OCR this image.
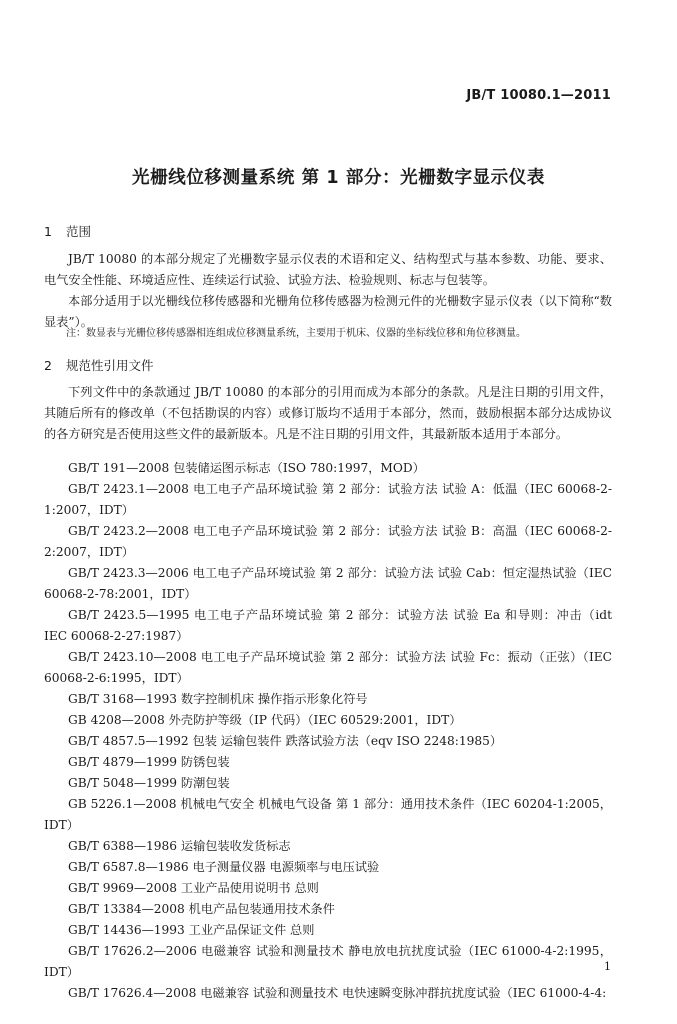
JB/T 10080.1—2011
光栅线位移测量系统 第 1 部分：光栅数字显示仪表
1 范围
JB/T 10080 的本部分规定了光栅数字显示仪表的术语和定义、结构型式与基本参数、功能、要求、电气安全性能、环境适应性、连续运行试验、试验方法、检验规则、标志与包装等。
本部分适用于以光栅线位移传感器和光栅角位移传感器为检测元件的光栅数字显示仪表（以下简称“数显表”）。
注：数显表与光栅位移传感器相连组成位移测量系统，主要用于机床、仪器的坐标线位移和角位移测量。
2 规范性引用文件
下列文件中的条款通过 JB/T 10080 的本部分的引用而成为本部分的条款。凡是注日期的引用文件，其随后所有的修改单（不包括勘误的内容）或修订版均不适用于本部分，然而，鼓励根据本部分达成协议的各方研究是否使用这些文件的最新版本。凡是不注日期的引用文件，其最新版本适用于本部分。
GB/T 191—2008 包装储运图示标志（ISO 780:1997，MOD）
GB/T 2423.1—2008 电工电子产品环境试验 第 2 部分：试验方法 试验 A：低温（IEC 60068-2-1:2007，IDT）
GB/T 2423.2—2008 电工电子产品环境试验 第 2 部分：试验方法 试验 B：高温（IEC 60068-2-2:2007，IDT）
GB/T 2423.3—2006 电工电子产品环境试验 第 2 部分：试验方法 试验 Cab：恒定湿热试验（IEC 60068-2-78:2001，IDT）
GB/T 2423.5—1995 电工电子产品环境试验 第 2 部分：试验方法 试验 Ea 和导则：冲击（idt IEC 60068-2-27:1987）
GB/T 2423.10—2008 电工电子产品环境试验 第 2 部分：试验方法 试验 Fc：振动（正弦）（IEC 60068-2-6:1995，IDT）
GB/T 3168—1993 数字控制机床 操作指示形象化符号
GB 4208—2008 外壳防护等级（IP 代码）（IEC 60529:2001，IDT）
GB/T 4857.5—1992 包装 运输包装件 跌落试验方法（eqv ISO 2248:1985）
GB/T 4879—1999 防锈包装
GB/T 5048—1999 防潮包装
GB 5226.1—2008 机械电气安全 机械电气设备 第 1 部分：通用技术条件（IEC 60204-1:2005，IDT）
GB/T 6388—1986 运输包装收发货标志
GB/T 6587.8—1986 电子测量仪器 电源频率与电压试验
GB/T 9969—2008 工业产品使用说明书 总则
GB/T 13384—2008 机电产品包装通用技术条件
GB/T 14436—1993 工业产品保证文件 总则
GB/T 17626.2—2006 电磁兼容 试验和测量技术 静电放电抗扰度试验（IEC 61000-4-2:1995，IDT）
GB/T 17626.4—2008 电磁兼容 试验和测量技术 电快速瞬变脉冲群抗扰度试验（IEC 61000-4-4:
1
